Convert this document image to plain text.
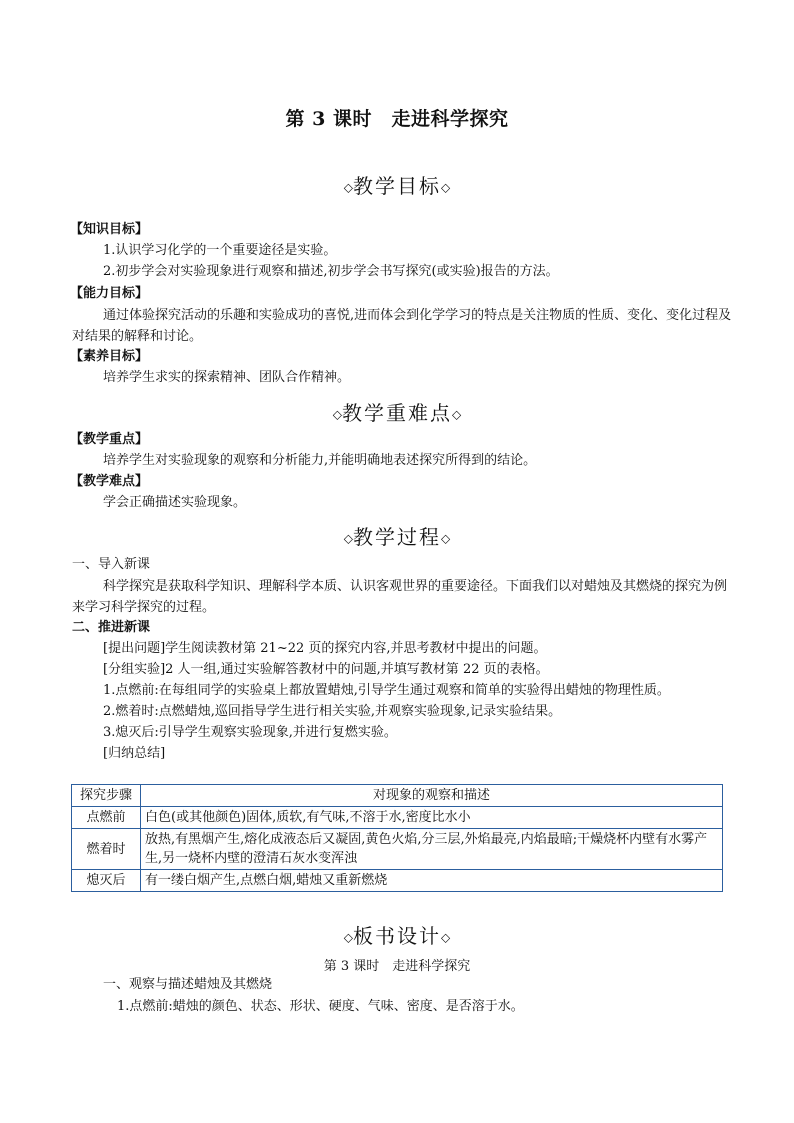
第 3 课时　走进科学探究
◇教学目标◇
【知识目标】
1.认识学习化学的一个重要途径是实验。
2.初步学会对实验现象进行观察和描述,初步学会书写探究(或实验)报告的方法。
【能力目标】
通过体验探究活动的乐趣和实验成功的喜悦,进而体会到化学学习的特点是关注物质的性质、变化、变化过程及对结果的解释和讨论。
【素养目标】
培养学生求实的探索精神、团队合作精神。
◇教学重难点◇
【教学重点】
培养学生对实验现象的观察和分析能力,并能明确地表述探究所得到的结论。
【教学难点】
学会正确描述实验现象。
◇教学过程◇
一、导入新课
科学探究是获取科学知识、理解科学本质、认识客观世界的重要途径。下面我们以对蜡烛及其燃烧的探究为例来学习科学探究的过程。
二、推进新课
[提出问题]学生阅读教材第 21~22 页的探究内容,并思考教材中提出的问题。
[分组实验]2 人一组,通过实验解答教材中的问题,并填写教材第 22 页的表格。
1.点燃前:在每组同学的实验桌上都放置蜡烛,引导学生通过观察和简单的实验得出蜡烛的物理性质。
2.燃着时:点燃蜡烛,巡回指导学生进行相关实验,并观察实验现象,记录实验结果。
3.熄灭后:引导学生观察实验现象,并进行复燃实验。
[归纳总结]
探究步骤	对现象的观察和描述
点燃前	白色(或其他颜色)固体,质软,有气味,不溶于水,密度比水小
燃着时	放热,有黑烟产生,熔化成液态后又凝固,黄色火焰,分三层,外焰最亮,内焰最暗;干燥烧杯内壁有水雾产生,另一烧杯内壁的澄清石灰水变浑浊
熄灭后	有一缕白烟产生,点燃白烟,蜡烛又重新燃烧
◇板书设计◇
第 3 课时　走进科学探究
一、观察与描述蜡烛及其燃烧
1.点燃前:蜡烛的颜色、状态、形状、硬度、气味、密度、是否溶于水。
